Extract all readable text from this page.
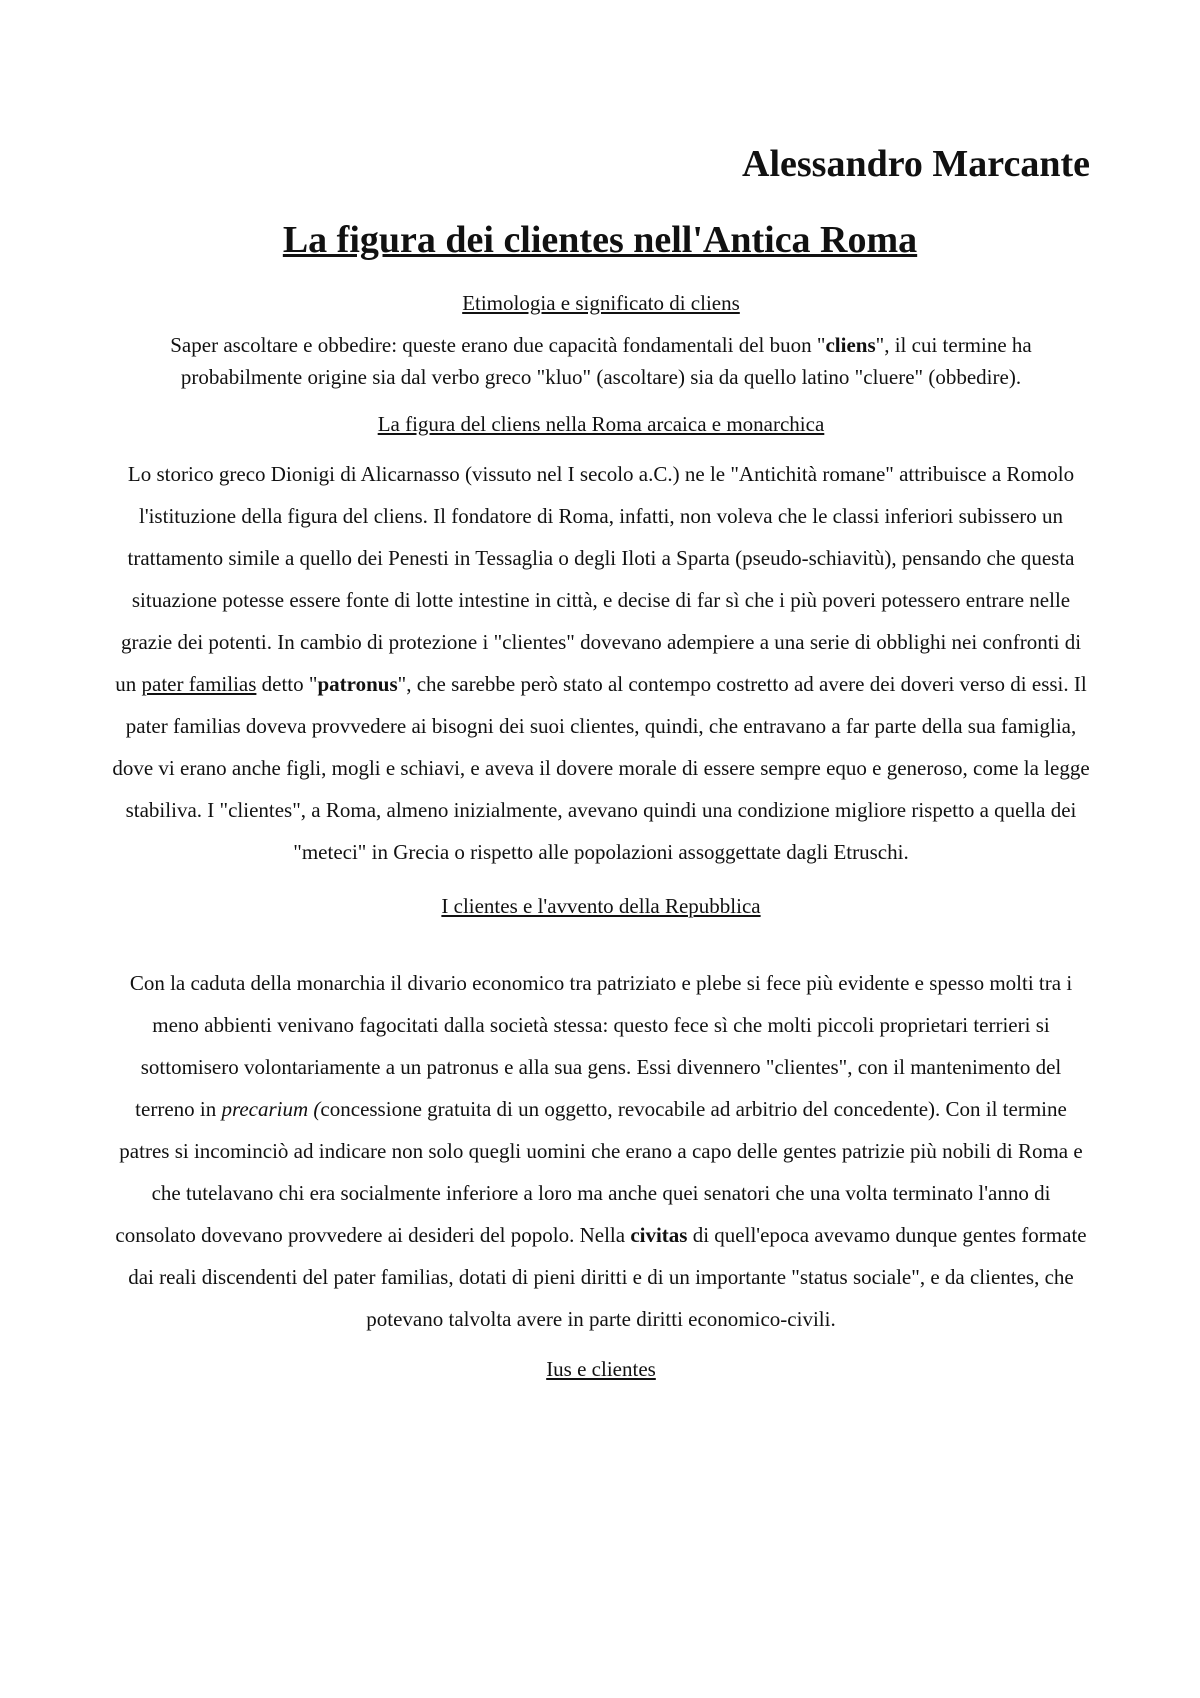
Alessandro Marcante
La figura dei clientes nell'Antica Roma

Etimologia e significato di cliens

Saper ascoltare e obbedire: queste erano due capacità fondamentali del buon "cliens", il cui termine ha probabilmente origine sia dal verbo greco "kluo" (ascoltare) sia da quello latino "cluere" (obbedire).

La figura del cliens nella Roma arcaica e monarchica

Lo storico greco Dionigi di Alicarnasso (vissuto nel I secolo a.C.) ne le "Antichità romane" attribuisce a Romolo l'istituzione della figura del cliens. Il fondatore di Roma, infatti, non voleva che le classi inferiori subissero un trattamento simile a quello dei Penesti in Tessaglia o degli Iloti a Sparta (pseudo-schiavitù), pensando che questa situazione potesse essere fonte di lotte intestine in città, e decise di far sì che i più poveri potessero entrare nelle grazie dei potenti. In cambio di protezione i "clientes" dovevano adempiere a una serie di obblighi nei confronti di un pater familias detto "patronus", che sarebbe però stato al contempo costretto ad avere dei doveri verso di essi. Il pater familias doveva provvedere ai bisogni dei suoi clientes, quindi, che entravano a far parte della sua famiglia, dove vi erano anche figli, mogli e schiavi, e aveva il dovere morale di essere sempre equo e generoso, come la legge stabiliva. I "clientes", a Roma, almeno inizialmente, avevano quindi una condizione migliore rispetto a quella dei "meteci" in Grecia o rispetto alle popolazioni assoggettate dagli Etruschi.

I clientes e l'avvento della Repubblica

Con la caduta della monarchia il divario economico tra patriziato e plebe si fece più evidente e spesso molti tra i meno abbienti venivano fagocitati dalla società stessa: questo fece sì che molti piccoli proprietari terrieri si sottomisero volontariamente a un patronus e alla sua gens. Essi divennero "clientes", con il mantenimento del terreno in precarium (concessione gratuita di un oggetto, revocabile ad arbitrio del concedente). Con il termine patres si incominciò ad indicare non solo quegli uomini che erano a capo delle gentes patrizie più nobili di Roma e che tutelavano chi era socialmente inferiore a loro ma anche quei senatori che una volta terminato l'anno di consolato dovevano provvedere ai desideri del popolo. Nella civitas di quell'epoca avevamo dunque gentes formate dai reali discendenti del pater familias, dotati di pieni diritti e di un importante "status sociale", e da clientes, che potevano talvolta avere in parte diritti economico-civili.

Ius e clientes
